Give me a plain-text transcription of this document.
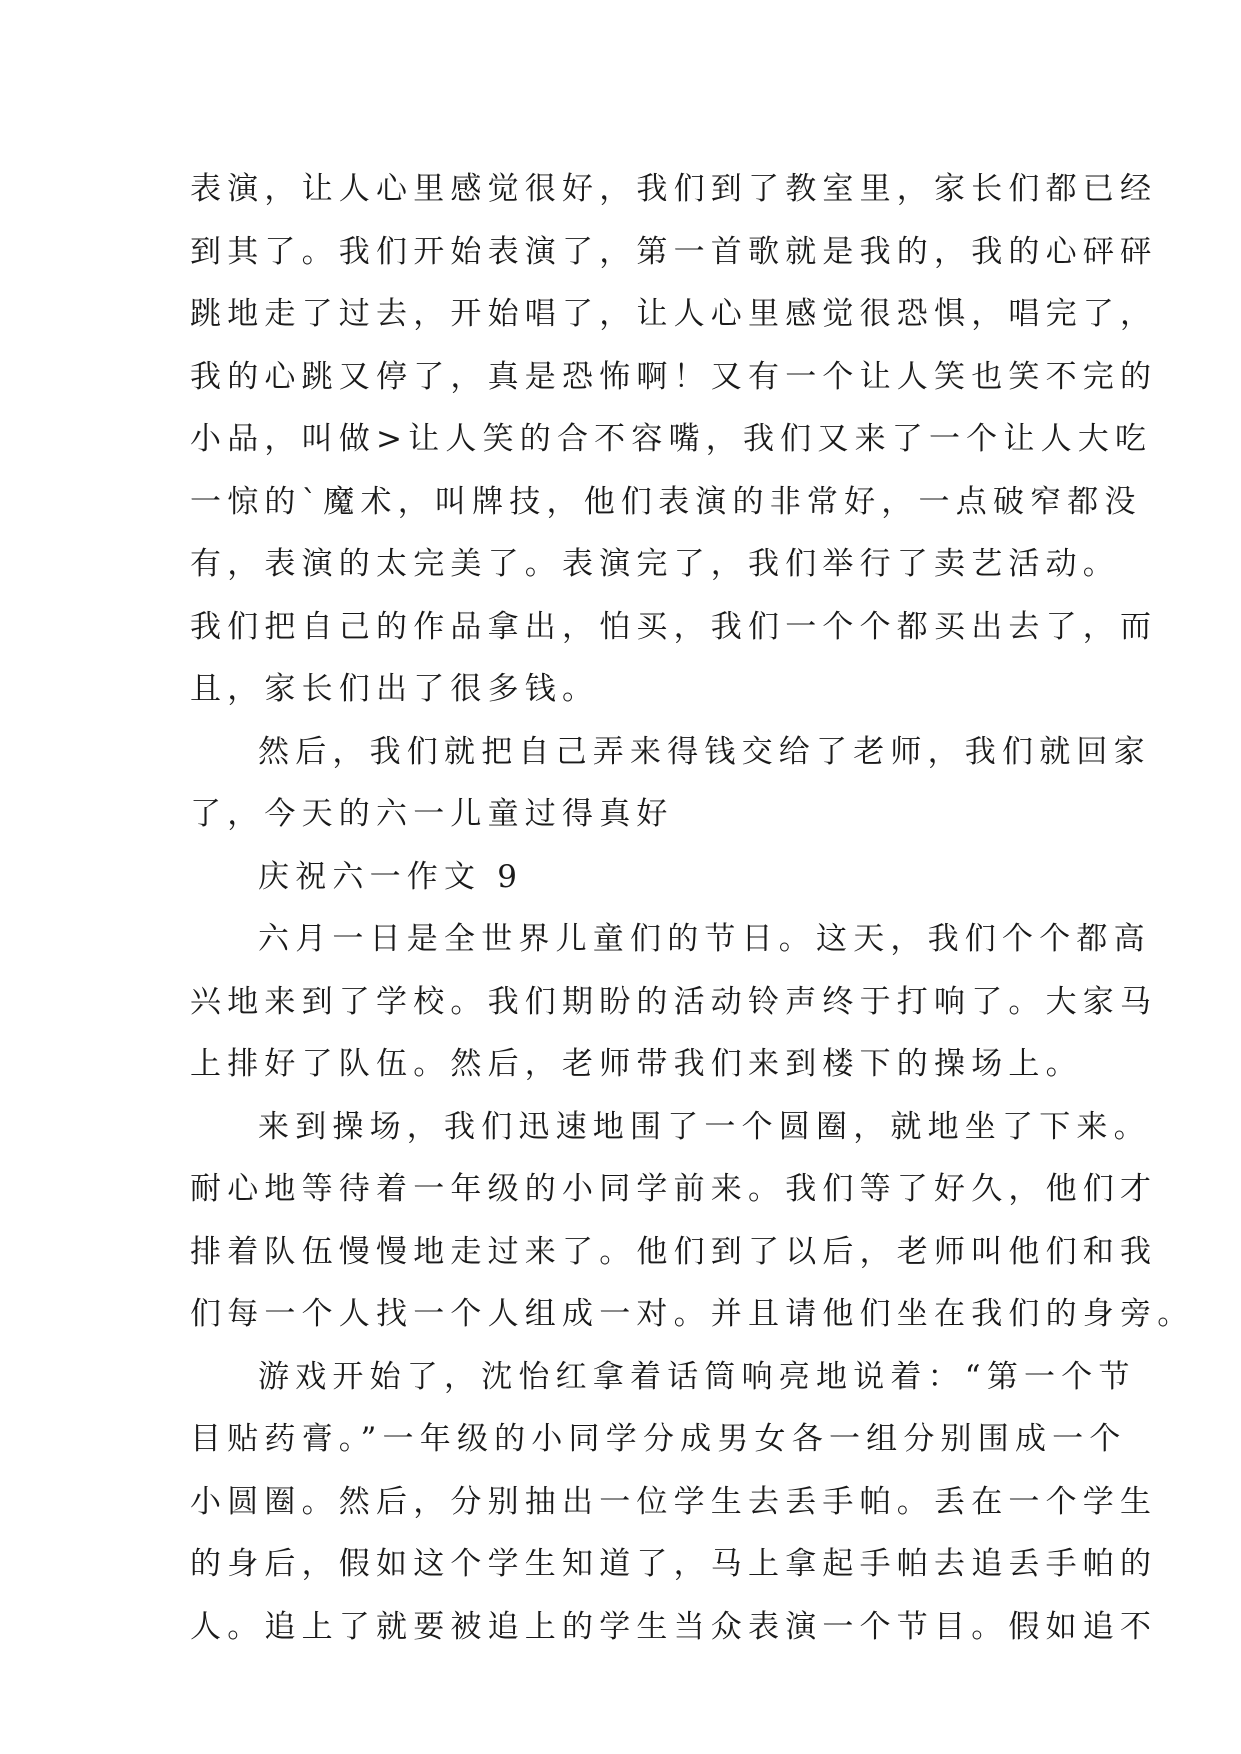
表演，让人心里感觉很好，我们到了教室里，家长们都已经
到其了。我们开始表演了，第一首歌就是我的，我的心砰砰
跳地走了过去，开始唱了，让人心里感觉很恐惧，唱完了，
我的心跳又停了，真是恐怖啊！又有一个让人笑也笑不完的
小品，叫做>让人笑的合不容嘴，我们又来了一个让人大吃
一惊的`魔术，叫牌技，他们表演的非常好，一点破窄都没
有，表演的太完美了。表演完了，我们举行了卖艺活动。
我们把自己的作品拿出，怕买，我们一个个都买出去了，而
且，家长们出了很多钱。
然后，我们就把自己弄来得钱交给了老师，我们就回家
了，今天的六一儿童过得真好
庆祝六一作文 9
六月一日是全世界儿童们的节日。这天，我们个个都高
兴地来到了学校。我们期盼的活动铃声终于打响了。大家马
上排好了队伍。然后，老师带我们来到楼下的操场上。
来到操场，我们迅速地围了一个圆圈，就地坐了下来。
耐心地等待着一年级的小同学前来。我们等了好久，他们才
排着队伍慢慢地走过来了。他们到了以后，老师叫他们和我
们每一个人找一个人组成一对。并且请他们坐在我们的身旁。
游戏开始了，沈怡红拿着话筒响亮地说着：“第一个节
目贴药膏。”一年级的小同学分成男女各一组分别围成一个
小圆圈。然后，分别抽出一位学生去丢手帕。丢在一个学生
的身后，假如这个学生知道了，马上拿起手帕去追丢手帕的
人。追上了就要被追上的学生当众表演一个节目。假如追不
